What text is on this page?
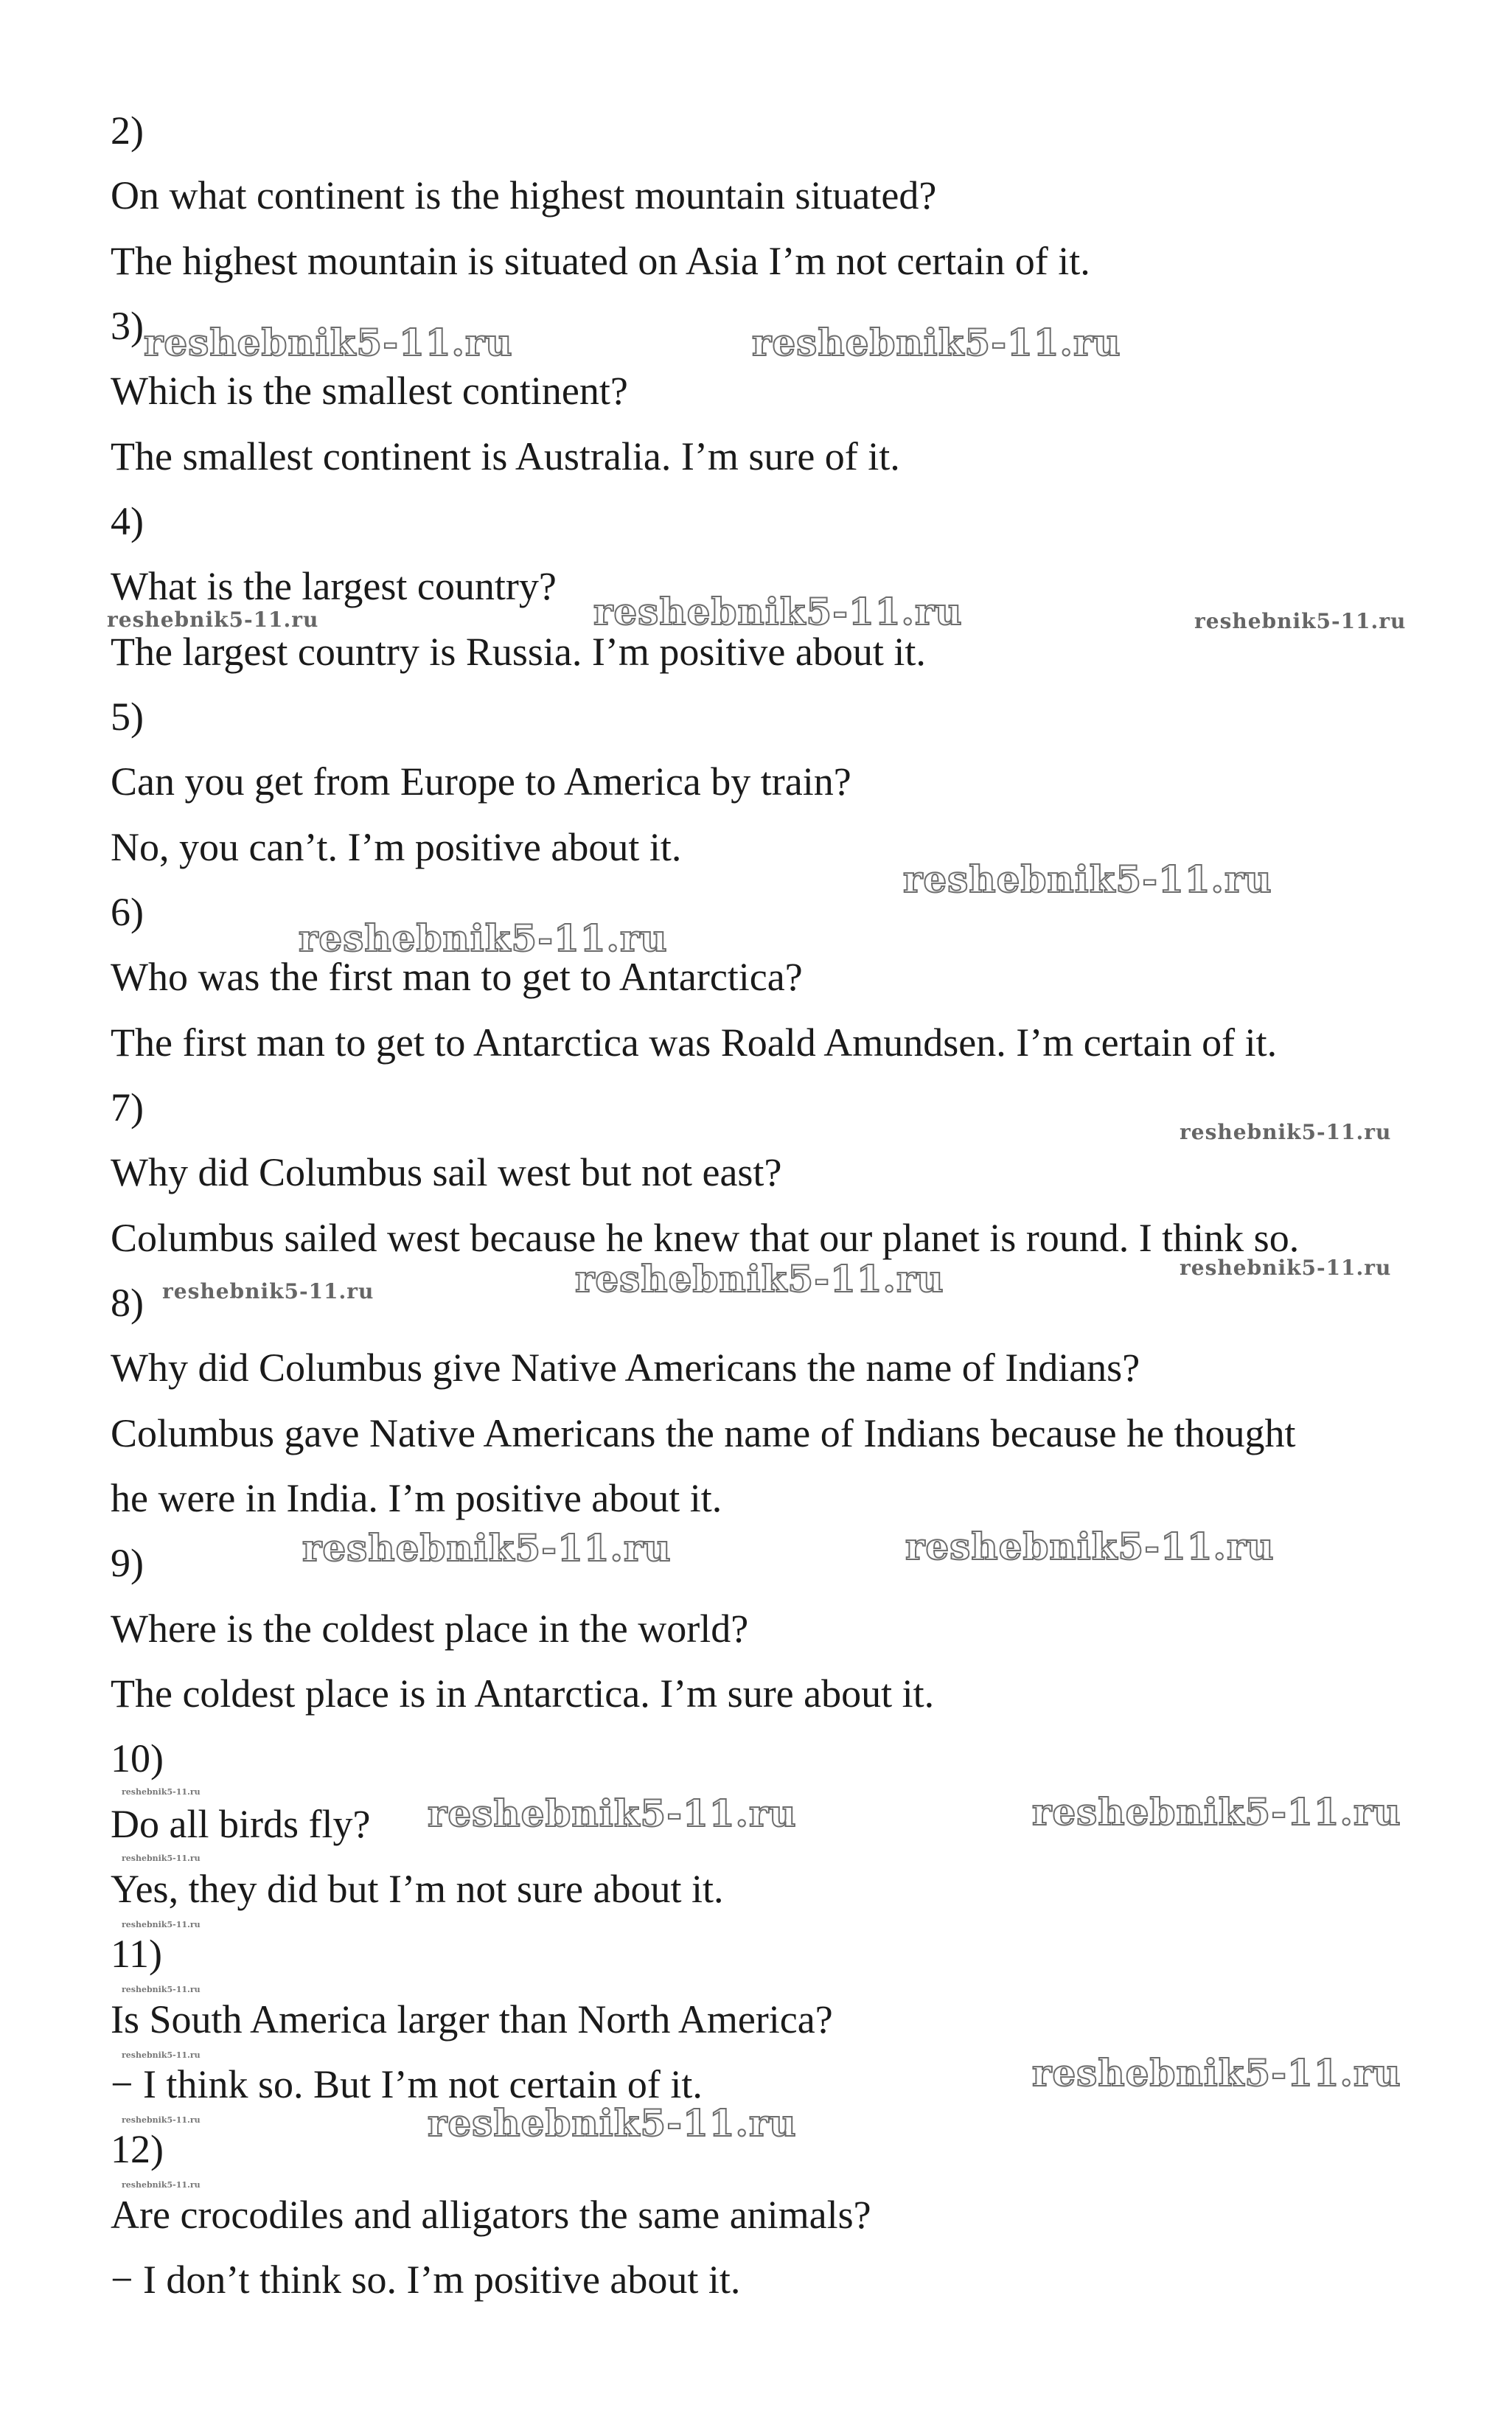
2)

On what continent is the highest mountain situated?

The highest mountain is situated on Asia I’m not certain of it.

3)

Which is the smallest continent?

The smallest continent is Australia. I’m sure of it.

4)

What is the largest country?

The largest country is Russia. I’m positive about it.

5)

Can you get from Europe to America by train?

No, you can’t. I’m positive about it.

6)

Who was the first man to get to Antarctica?

The first man to get to Antarctica was Roald Amundsen. I’m certain of it.

7)

Why did Columbus sail west but not east?

Columbus sailed west because he knew that our planet is round. I think so.

8)

Why did Columbus give Native Americans the name of Indians?

Columbus gave Native Americans the name of Indians because he thought

he were in India. I’m positive about it.

9)

Where is the coldest place in the world?

The coldest place is in Antarctica. I’m sure about it.

10)

Do all birds fly?

Yes, they did but I’m not sure about it.

11)

Is South America larger than North America?

− I think so. But I’m not certain of it.

12)

Are crocodiles and alligators the same animals?

− I don’t think so. I’m positive about it.

reshebnik5-11.ru	reshebnik5-11.ru
reshebnik5-11.ru
reshebnik5-11.ru	reshebnik5-11.ru
reshebnik5-11.ru
reshebnik5-11.ru
reshebnik5-11.ru
reshebnik5-11.ru	reshebnik5-11.ru
reshebnik5-11.ru
reshebnik5-11.ru	reshebnik5-11.ru
reshebnik5-11.ru	reshebnik5-11.ru
reshebnik5-11.ru
reshebnik5-11.ru
reshebnik5-11.ru
reshebnik5-11.ru
reshebnik5-11.ru
reshebnik5-11.ru
reshebnik5-11.ru
reshebnik5-11.ru
reshebnik5-11.ru
